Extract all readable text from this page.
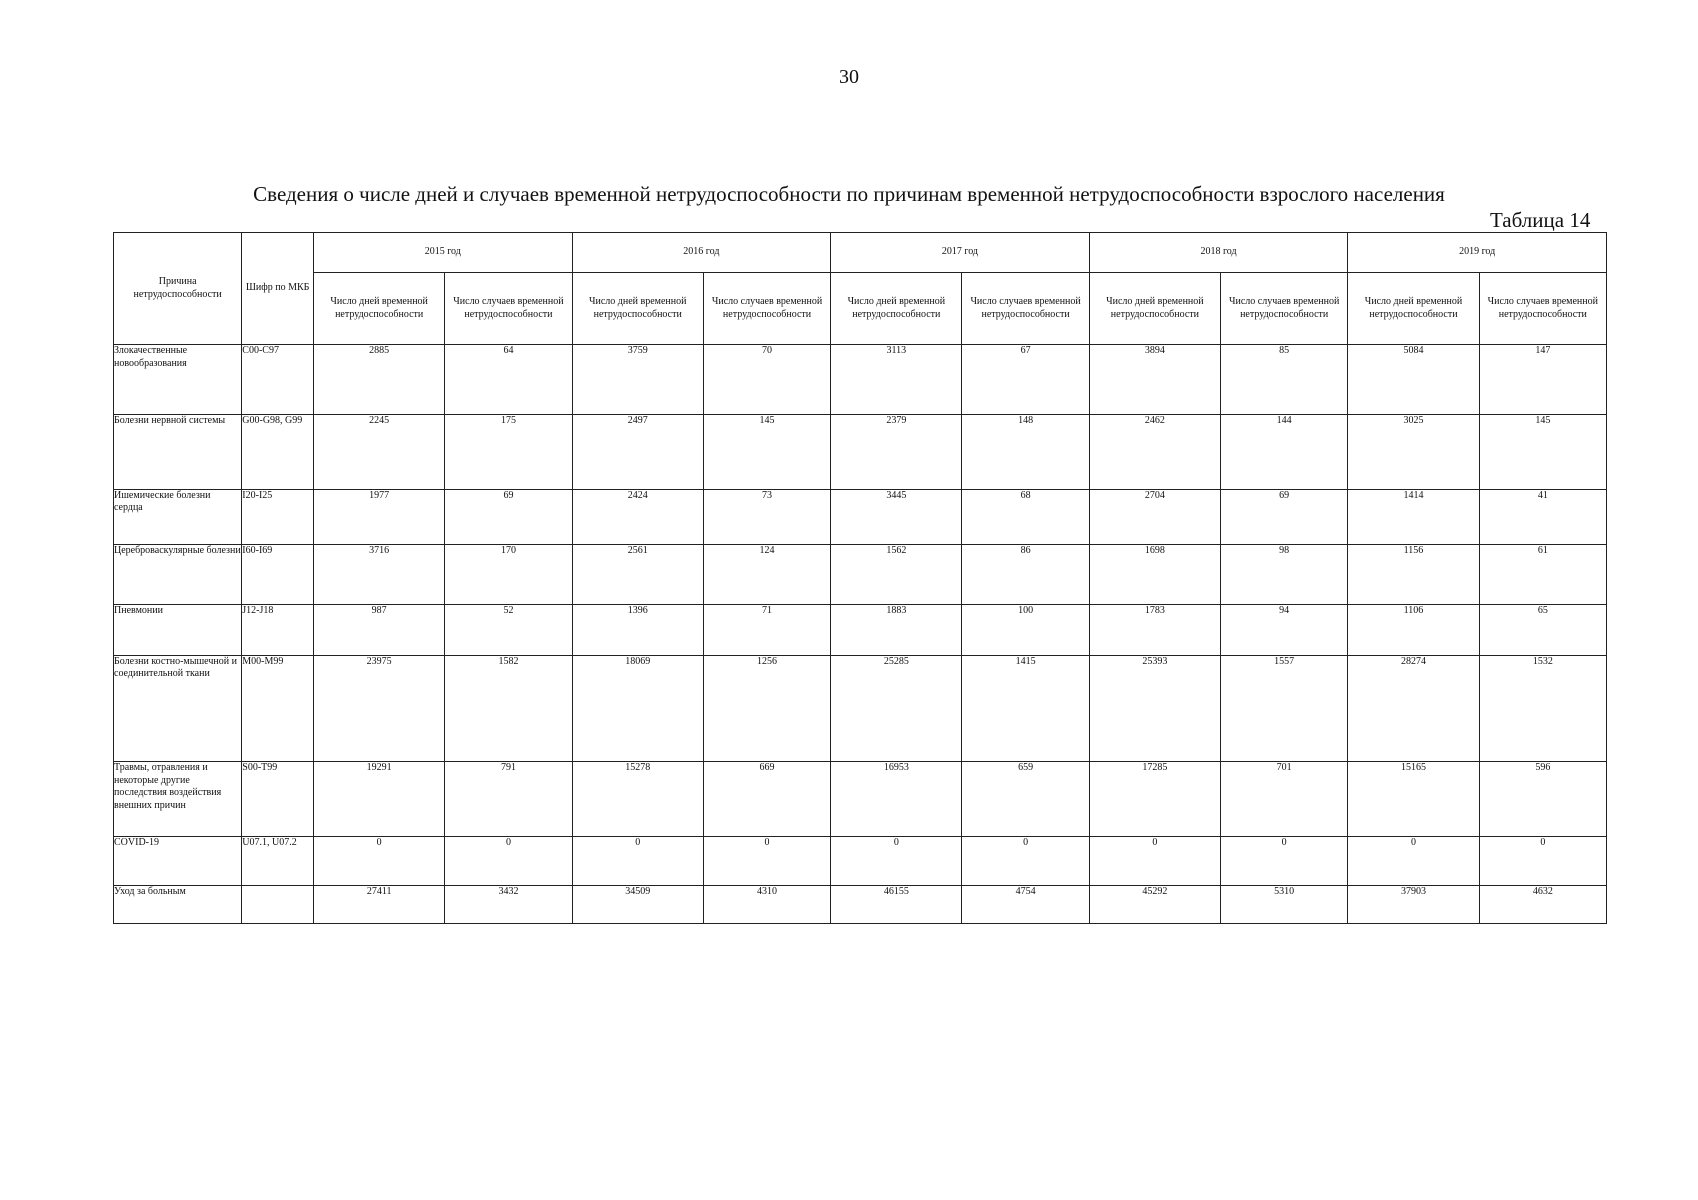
30
Сведения о числе дней и случаев временной нетрудоспособности по причинам временной нетрудоспособности взрослого населения
Таблица 14
Причина нетрудоспособности	Шифр по МКБ	2015 год		2016 год		2017 год		2018 год		2019 год	
		Число дней временной нетрудоспособности	Число случаев временной нетрудоспособности	Число дней временной нетрудоспособности	Число случаев временной нетрудоспособности	Число дней временной нетрудоспособности	Число случаев временной нетрудоспособности	Число дней временной нетрудоспособности	Число случаев временной нетрудоспособности	Число дней временной нетрудоспособности	Число случаев временной нетрудоспособности
Злокачественные новообразования	С00-С97	2885	64	3759	70	3113	67	3894	85	5084	147
Болезни нервной системы	G00-G98, G99	2245	175	2497	145	2379	148	2462	144	3025	145
Ишемические болезни сердца	I20-I25	1977	69	2424	73	3445	68	2704	69	1414	41
Цереброваскулярные болезни	I60-I69	3716	170	2561	124	1562	86	1698	98	1156	61
Пневмонии	J12-J18	987	52	1396	71	1883	100	1783	94	1106	65
Болезни костно-мышечной и соединительной ткани	М00-М99	23975	1582	18069	1256	25285	1415	25393	1557	28274	1532
Травмы, отравления и некоторые другие последствия воздействия внешних причин	S00-T99	19291	791	15278	669	16953	659	17285	701	15165	596
COVID-19	U07.1, U07.2	0	0	0	0	0	0	0	0	0	0
Уход за больным		27411	3432	34509	4310	46155	4754	45292	5310	37903	4632
